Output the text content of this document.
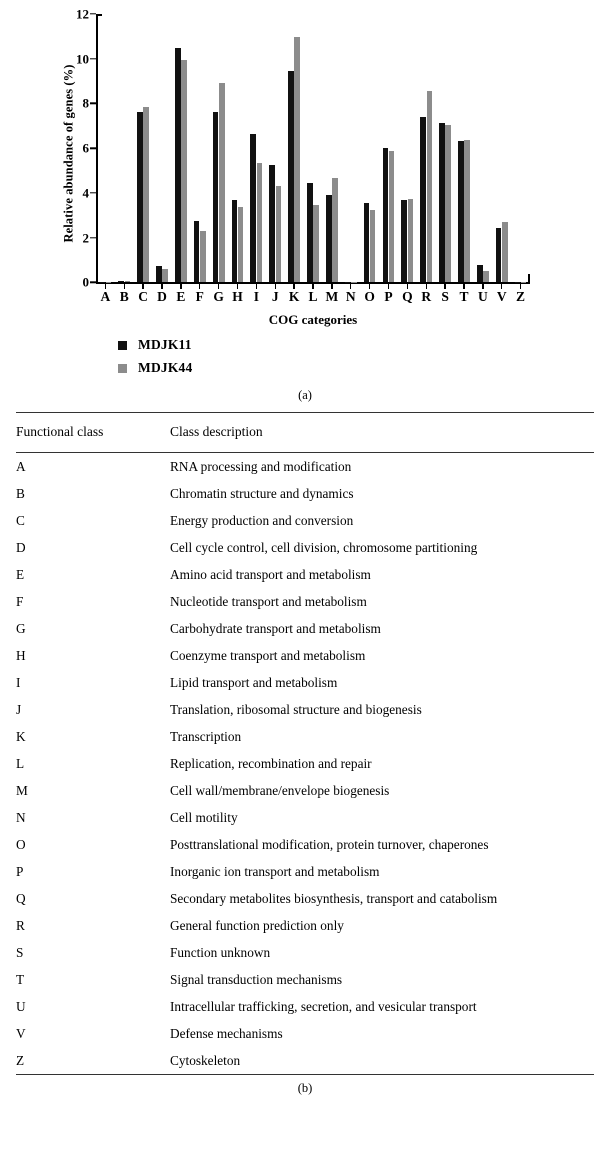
Relative abundance of genes (%)
0
2
4
6
8
10
12
A B C D E F G H I J K L M N O P Q R S T U V Z
COG categories
MDJK11
MDJK44
(a)
Functional class	Class description
A	RNA processing and modification
B	Chromatin structure and dynamics
C	Energy production and conversion
D	Cell cycle control, cell division, chromosome partitioning
E	Amino acid transport and metabolism
F	Nucleotide transport and metabolism
G	Carbohydrate transport and metabolism
H	Coenzyme transport and metabolism
I	Lipid transport and metabolism
J	Translation, ribosomal structure and biogenesis
K	Transcription
L	Replication, recombination and repair
M	Cell wall/membrane/envelope biogenesis
N	Cell motility
O	Posttranslational modification, protein turnover, chaperones
P	Inorganic ion transport and metabolism
Q	Secondary metabolites biosynthesis, transport and catabolism
R	General function prediction only
S	Function unknown
T	Signal transduction mechanisms
U	Intracellular trafficking, secretion, and vesicular transport
V	Defense mechanisms
Z	Cytoskeleton
(b)
